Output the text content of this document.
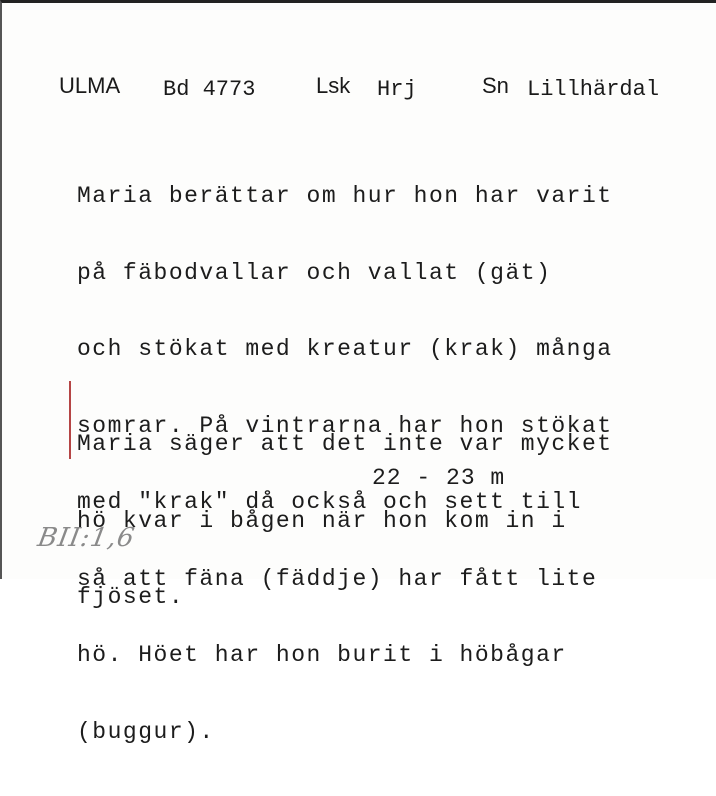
ULMA Bd 4773	Lsk Hrj	Sn Lillhärdal

Maria berättar om hur hon har varit

på fäbodvallar och vallat (gät)

och stökat med kreatur (krak) många

somrar. På vintrarna har hon stökat

med "krak" då också och sett till

så att fäna (fäddje) har fått lite

hö. Höet har hon burit i höbågar

(buggur).

Maria säger att det inte var mycket

hö kvar i bågen när hon kom in i

fjöset.

22 - 23 m
BII:1,6
